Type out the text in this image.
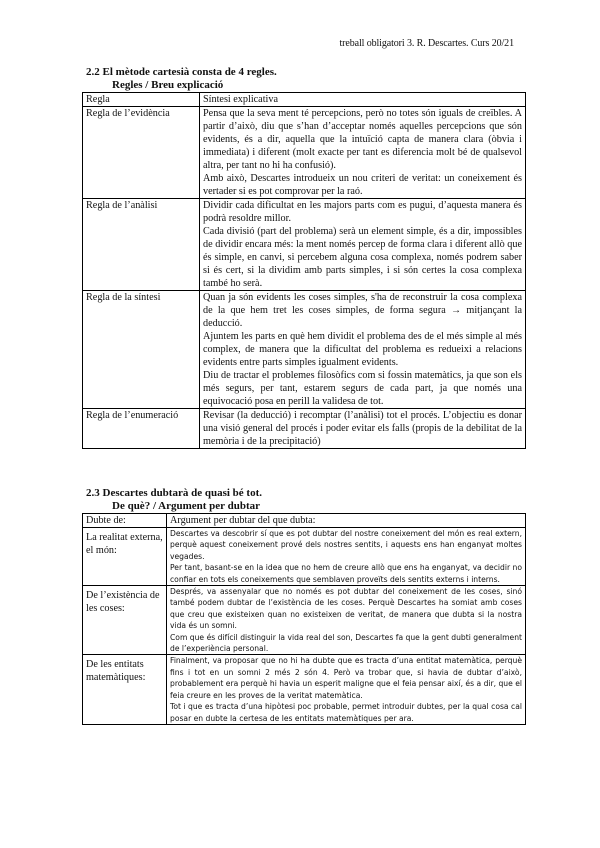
treball obligatori 3. R. Descartes. Curs 20/21
2.2 El mètode cartesià consta de 4 regles.
Regles / Breu explicació
Regla	Síntesi explicativa
Regla de l’evidència	Pensa que la seva ment té percepcions, però no totes són iguals de creïbles. A partir d’això, diu que s’han d’acceptar només aquelles percepcions que són evidents, és a dir, aquella que la intuïció capta de manera clara (òbvia i immediata) i diferent (molt exacte per tant es diferencia molt bé de qualsevol altra, per tant no hi ha confusió).

Amb això, Descartes introdueix un nou criteri de veritat: un coneixement és vertader si es pot comprovar per la raó.

Regla de l’anàlisi	Dividir cada dificultat en les majors parts com es pugui, d’aquesta manera és podrà resoldre millor.

Cada divisió (part del problema) serà un element simple, és a dir, impossibles de dividir encara més: la ment només percep de forma clara i diferent allò que és simple, en canvi, si percebem alguna cosa complexa, només podrem saber si és cert, si la dividim amb parts simples, i si són certes la cosa complexa també ho serà.

Regla de la síntesi	Quan ja són evidents les coses simples, s'ha de reconstruir la cosa complexa de la que hem tret les coses simples, de forma segura → mitjançant la deducció.

Ajuntem les parts en què hem dividit el problema des de el més simple al més complex, de manera que la dificultat del problema es redueixi a relacions evidents entre parts simples igualment evidents.

Diu de tractar el problemes filosòfics com si fossin matemàtics, ja que son els més segurs, per tant, estarem segurs de cada part, ja que només una equivocació posa en perill la validesa de tot.

Regla de l’enumeració	Revisar (la deducció) i recomptar (l’anàlisi) tot el procés. L’objectiu es donar una visió general del procés i poder evitar els falls (propis de la debilitat de la memòria i de la precipitació)

2.3 Descartes dubtarà de quasi bé tot.
De què? / Argument per dubtar
Dubte de:	Argument per dubtar del que dubta:
La realitat externa, el món:	Descartes va descobrir sí que es pot dubtar del nostre coneixement del món es real extern, perquè aquest coneixement prové dels nostres sentits, i aquests ens han enganyat moltes vegades.

Per tant, basant-se en la idea que no hem de creure allò que ens ha enganyat, va decidir no confiar en tots els coneixements que semblaven proveïts dels sentits externs i interns.

De l’existència de les coses:	Després, va assenyalar que no només es pot dubtar del coneixement de les coses, sinó també podem dubtar de l’existència de les coses. Perquè Descartes ha somiat amb coses que creu que existeixen quan no existeixen de veritat, de manera que dubta si la nostra vida és un somni.

Com que és difícil distinguir la vida real del son, Descartes fa que la gent dubti generalment de l’experiència personal.

De les entitats matemàtiques:	Finalment, va proposar que no hi ha dubte que es tracta d’una entitat matemàtica, perquè fins i tot en un somni 2 més 2 són 4. Però va trobar que, si havia de dubtar d’això, probablement era perquè hi havia un esperit maligne que el feia pensar així, és a dir, que el feia creure en les proves de la veritat matemàtica.

Tot i que es tracta d’una hipòtesi poc probable, permet introduir dubtes, per la qual cosa cal posar en dubte la certesa de les entitats matemàtiques per ara.
